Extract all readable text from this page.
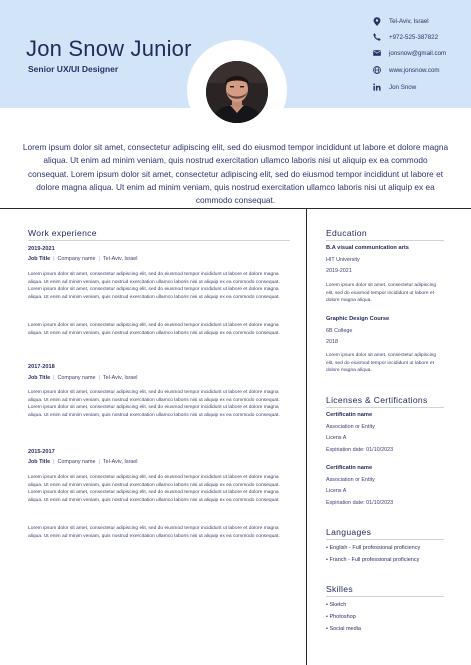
Jon Snow Junior
Senior UX/UI Designer
Tel-Aviv, Israel
+972-525-387822
jonsnow@gmail.com
www.jonsnow.com
Jon Snow

Lorem ipsum dolor sit amet, consectetur adipiscing elit, sed do eiusmod tempor incididunt ut labore et dolore magna aliqua. Ut enim ad minim veniam, quis nostrud exercitation ullamco laboris nisi ut aliquip ex ea commodo consequat. Lorem ipsum dolor sit amet, consectetur adipiscing elit, sed do eiusmod tempor incididunt ut labore et dolore magna aliqua. Ut enim ad minim veniam, quis nostrud exercitation ullamco laboris nisi ut aliquip ex ea commodo consequat.

Work experience
2019-2021
Job Title | Company name | Tel-Aviv, Israel

Lorem ipsum dolor sit amet, consectetur adipiscing elit, sed do eiusmod tempor incididunt ut labore et dolore magna aliqua. Ut enim ad minim veniam, quis nostrud exercitation ullamco laboris nisi ut aliquip ex ea commodo consequat. Lorem ipsum dolor sit amet, consectetur adipiscing elit, sed do eiusmod tempor incididunt ut labore et dolore magna aliqua. Ut enim ad minim veniam, quis nostrud exercitation ullamco laboris nisi ut aliquip ex ea commodo consequat.

Lorem ipsum dolor sit amet, consectetur adipiscing elit, sed do eiusmod tempor incididunt ut labore et dolore magna aliqua. Ut enim ad minim veniam, quis nostrud exercitation ullamco laboris nisi ut aliquip ex ea commodo consequat.

2017-2018
Job Title | Company name | Tel-Aviv, Israel

Lorem ipsum dolor sit amet, consectetur adipiscing elit, sed do eiusmod tempor incididunt ut labore et dolore magna aliqua. Ut enim ad minim veniam, quis nostrud exercitation ullamco laboris nisi ut aliquip ex ea commodo consequat. Lorem ipsum dolor sit amet, consectetur adipiscing elit, sed do eiusmod tempor incididunt ut labore et dolore magna aliqua. Ut enim ad minim veniam, quis nostrud exercitation ullamco laboris nisi ut aliquip ex ea commodo consequat.

2015-2017
Job Title | Company name | Tel-Aviv, Israel

Lorem ipsum dolor sit amet, consectetur adipiscing elit, sed do eiusmod tempor incididunt ut labore et dolore magna aliqua. Ut enim ad minim veniam, quis nostrud exercitation ullamco laboris nisi ut aliquip ex ea commodo consequat. Lorem ipsum dolor sit amet, consectetur adipiscing elit, sed do eiusmod tempor incididunt ut labore et dolore magna aliqua. Ut enim ad minim veniam, quis nostrud exercitation ullamco laboris nisi ut aliquip ex ea commodo consequat.

Lorem ipsum dolor sit amet, consectetur adipiscing elit, sed do eiusmod tempor incididunt ut labore et dolore magna aliqua. Ut enim ad minim veniam, quis nostrud exercitation ullamco laboris nisi ut aliquip ex ea commodo consequat.

Education
B.A visual communication arts
HIT University
2019-2021

Lorem ipsum dolor sit amet, consectetur adipiscing elit, sed do eiusmod tempor incididunt ut labore et dolore magna aliqua.

Graphic Design Course
6B College
2018

Lorem ipsum dolor sit amet, consectetur adipiscing elit, sed do eiusmod tempor incididunt ut labore et dolore magna aliqua.

Licenses & Certifications
Certificatin name
Association or Entity
Licens A
Expiriation date: 01/10/2023
Certificatin name
Association or Entity
Licens A
Expiriation date: 01/10/2023
Languages
• English - Full professional proficiency
• Franch - Full professional proficiency
Skilles
• Sketch
• Photoshop
• Social media
